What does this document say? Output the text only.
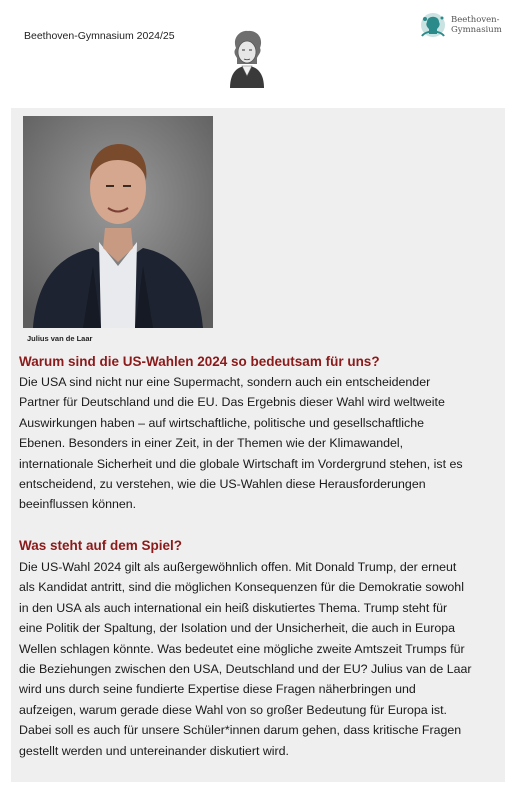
Beethoven-Gymnasium 2024/25
Beethoven-
Gymnasium
Julius van de Laar
Warum sind die US-Wahlen 2024 so bedeutsam für uns?
Die USA sind nicht nur eine Supermacht, sondern auch ein entscheidender
Partner für Deutschland und die EU. Das Ergebnis dieser Wahl wird weltweite
Auswirkungen haben – auf wirtschaftliche, politische und gesellschaftliche
Ebenen. Besonders in einer Zeit, in der Themen wie der Klimawandel,
internationale Sicherheit und die globale Wirtschaft im Vordergrund stehen, ist es
entscheidend, zu verstehen, wie die US-Wahlen diese Herausforderungen
beeinflussen können.
Was steht auf dem Spiel?
Die US-Wahl 2024 gilt als außergewöhnlich offen. Mit Donald Trump, der erneut
als Kandidat antritt, sind die möglichen Konsequenzen für die Demokratie sowohl
in den USA als auch international ein heiß diskutiertes Thema. Trump steht für
eine Politik der Spaltung, der Isolation und der Unsicherheit, die auch in Europa
Wellen schlagen könnte. Was bedeutet eine mögliche zweite Amtszeit Trumps für
die Beziehungen zwischen den USA, Deutschland und der EU? Julius van de Laar
wird uns durch seine fundierte Expertise diese Fragen näherbringen und
aufzeigen, warum gerade diese Wahl von so großer Bedeutung für Europa ist.
Dabei soll es auch für unsere Schüler*innen darum gehen, dass kritische Fragen
gestellt werden und untereinander diskutiert wird.
